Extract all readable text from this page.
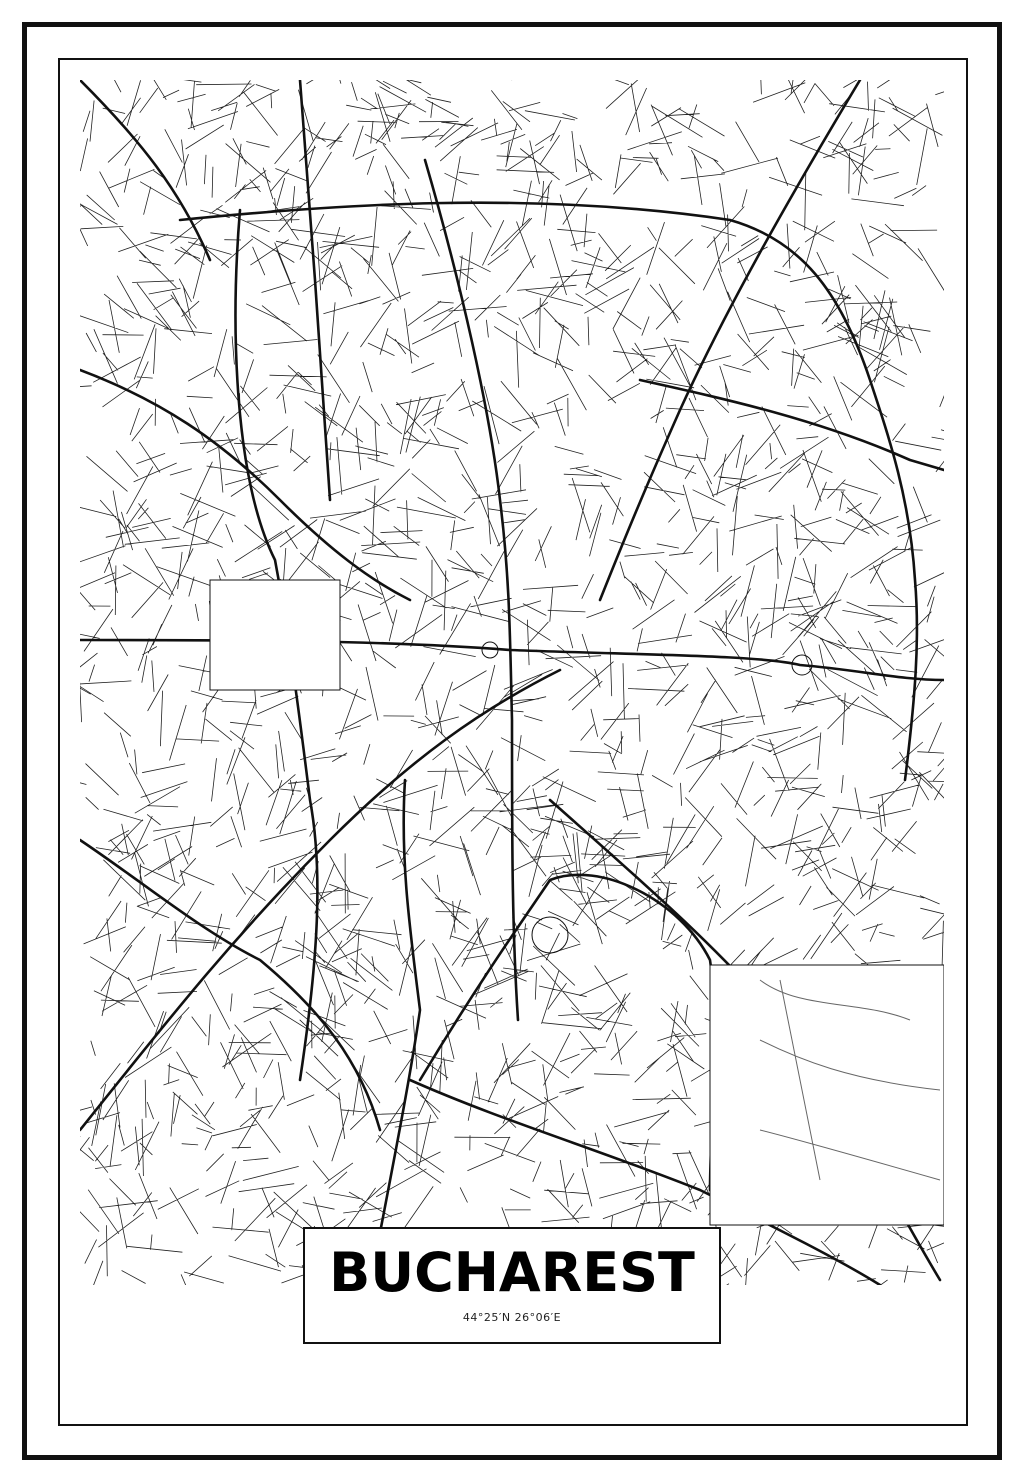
BUCHAREST
44°25′N 26°06′E
